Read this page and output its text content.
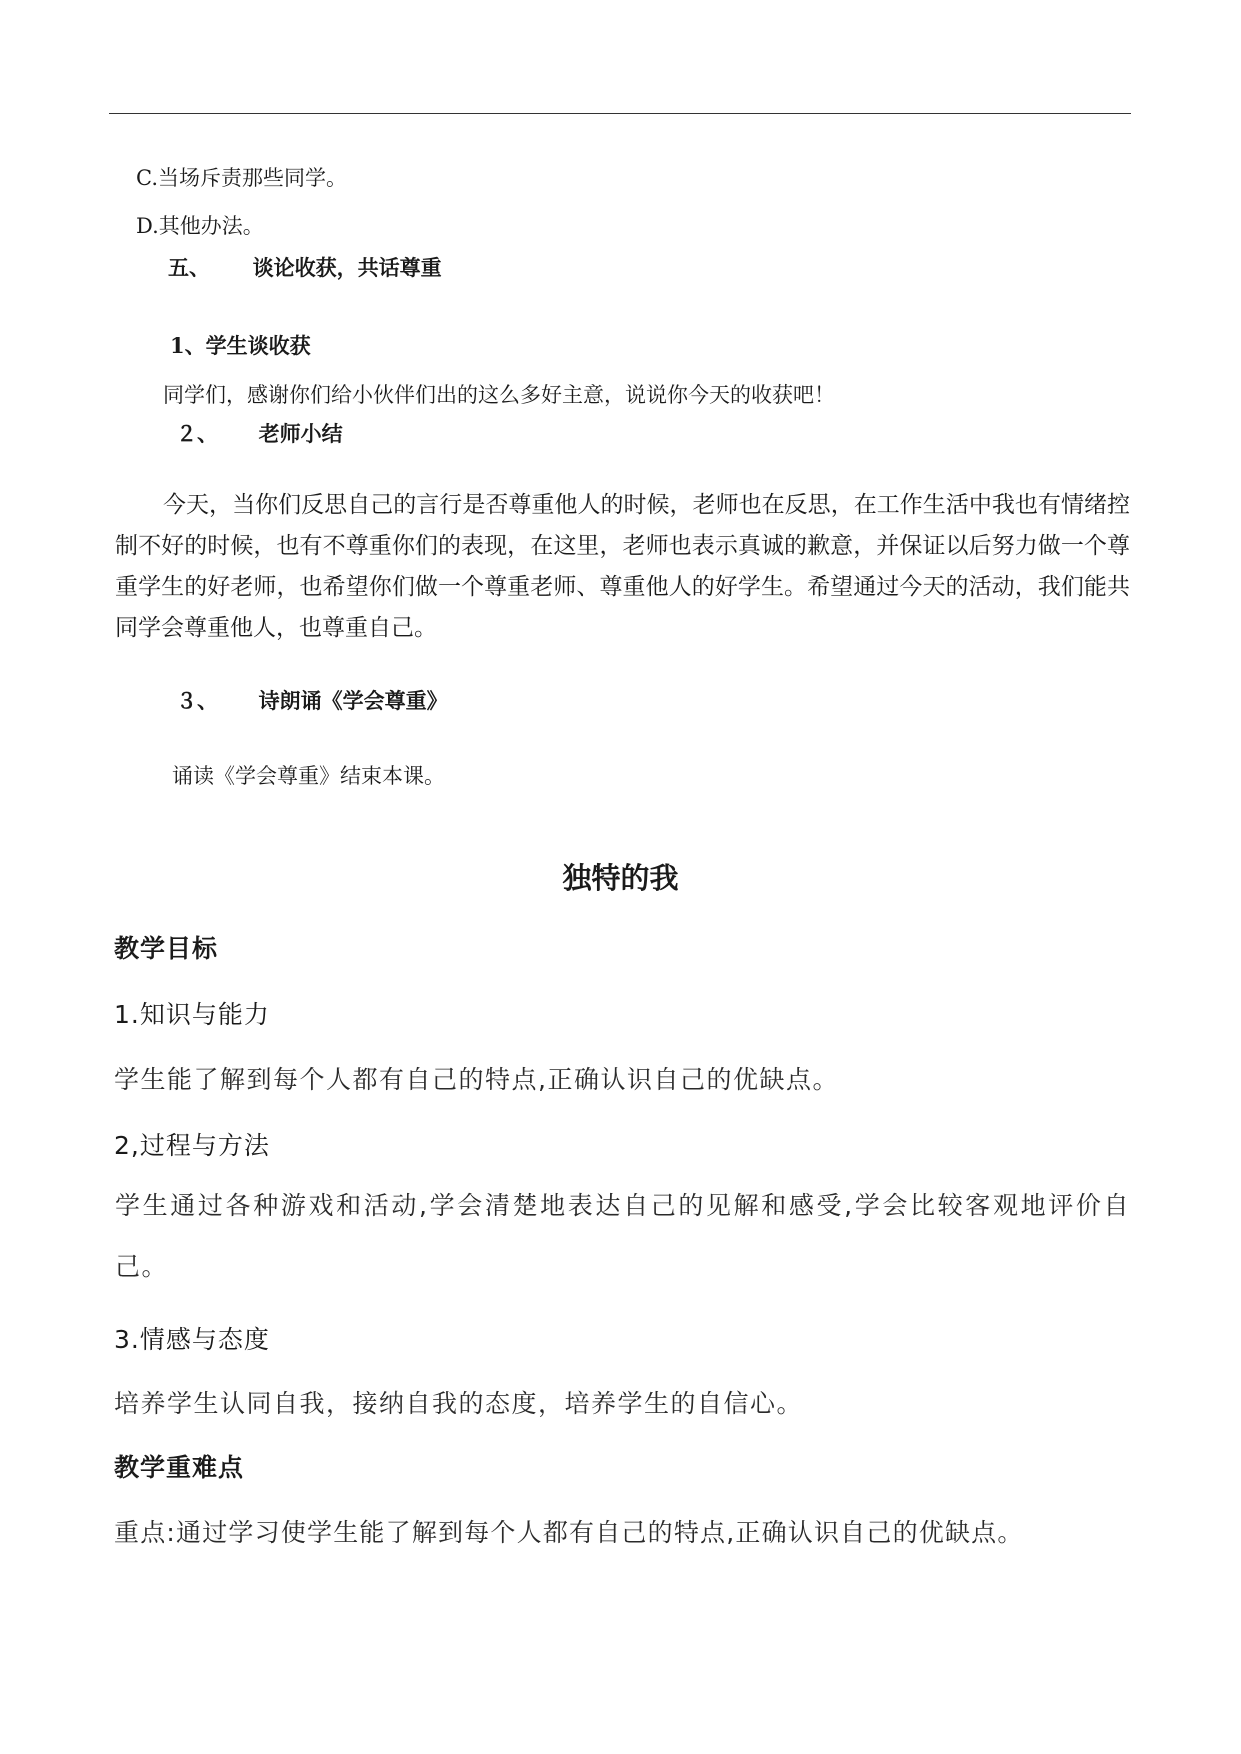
C.当场斥责那些同学。

D.其他办法。

五、 谈论收获，共话尊重

1、学生谈收获

同学们，感谢你们给小伙伴们出的这么多好主意，说说你今天的收获吧！

２、 老师小结

今天，当你们反思自己的言行是否尊重他人的时候，老师也在反思，在工作生活中我也有情绪控制不好的时候，也有不尊重你们的表现，在这里，老师也表示真诚的歉意，并保证以后努力做一个尊重学生的好老师，也希望你们做一个尊重老师、尊重他人的好学生。希望通过今天的活动，我们能共同学会尊重他人，也尊重自己。

３、 诗朗诵《学会尊重》

诵读《学会尊重》结束本课。

独特的我

教学目标

1.知识与能力

学生能了解到每个人都有自己的特点,正确认识自己的优缺点。

2,过程与方法

学生通过各种游戏和活动,学会清楚地表达自己的见解和感受,学会比较客观地评价自己。

3.情感与态度

培养学生认同自我，接纳自我的态度，培养学生的自信心。

教学重难点

重点:通过学习使学生能了解到每个人都有自己的特点,正确认识自己的优缺点。
